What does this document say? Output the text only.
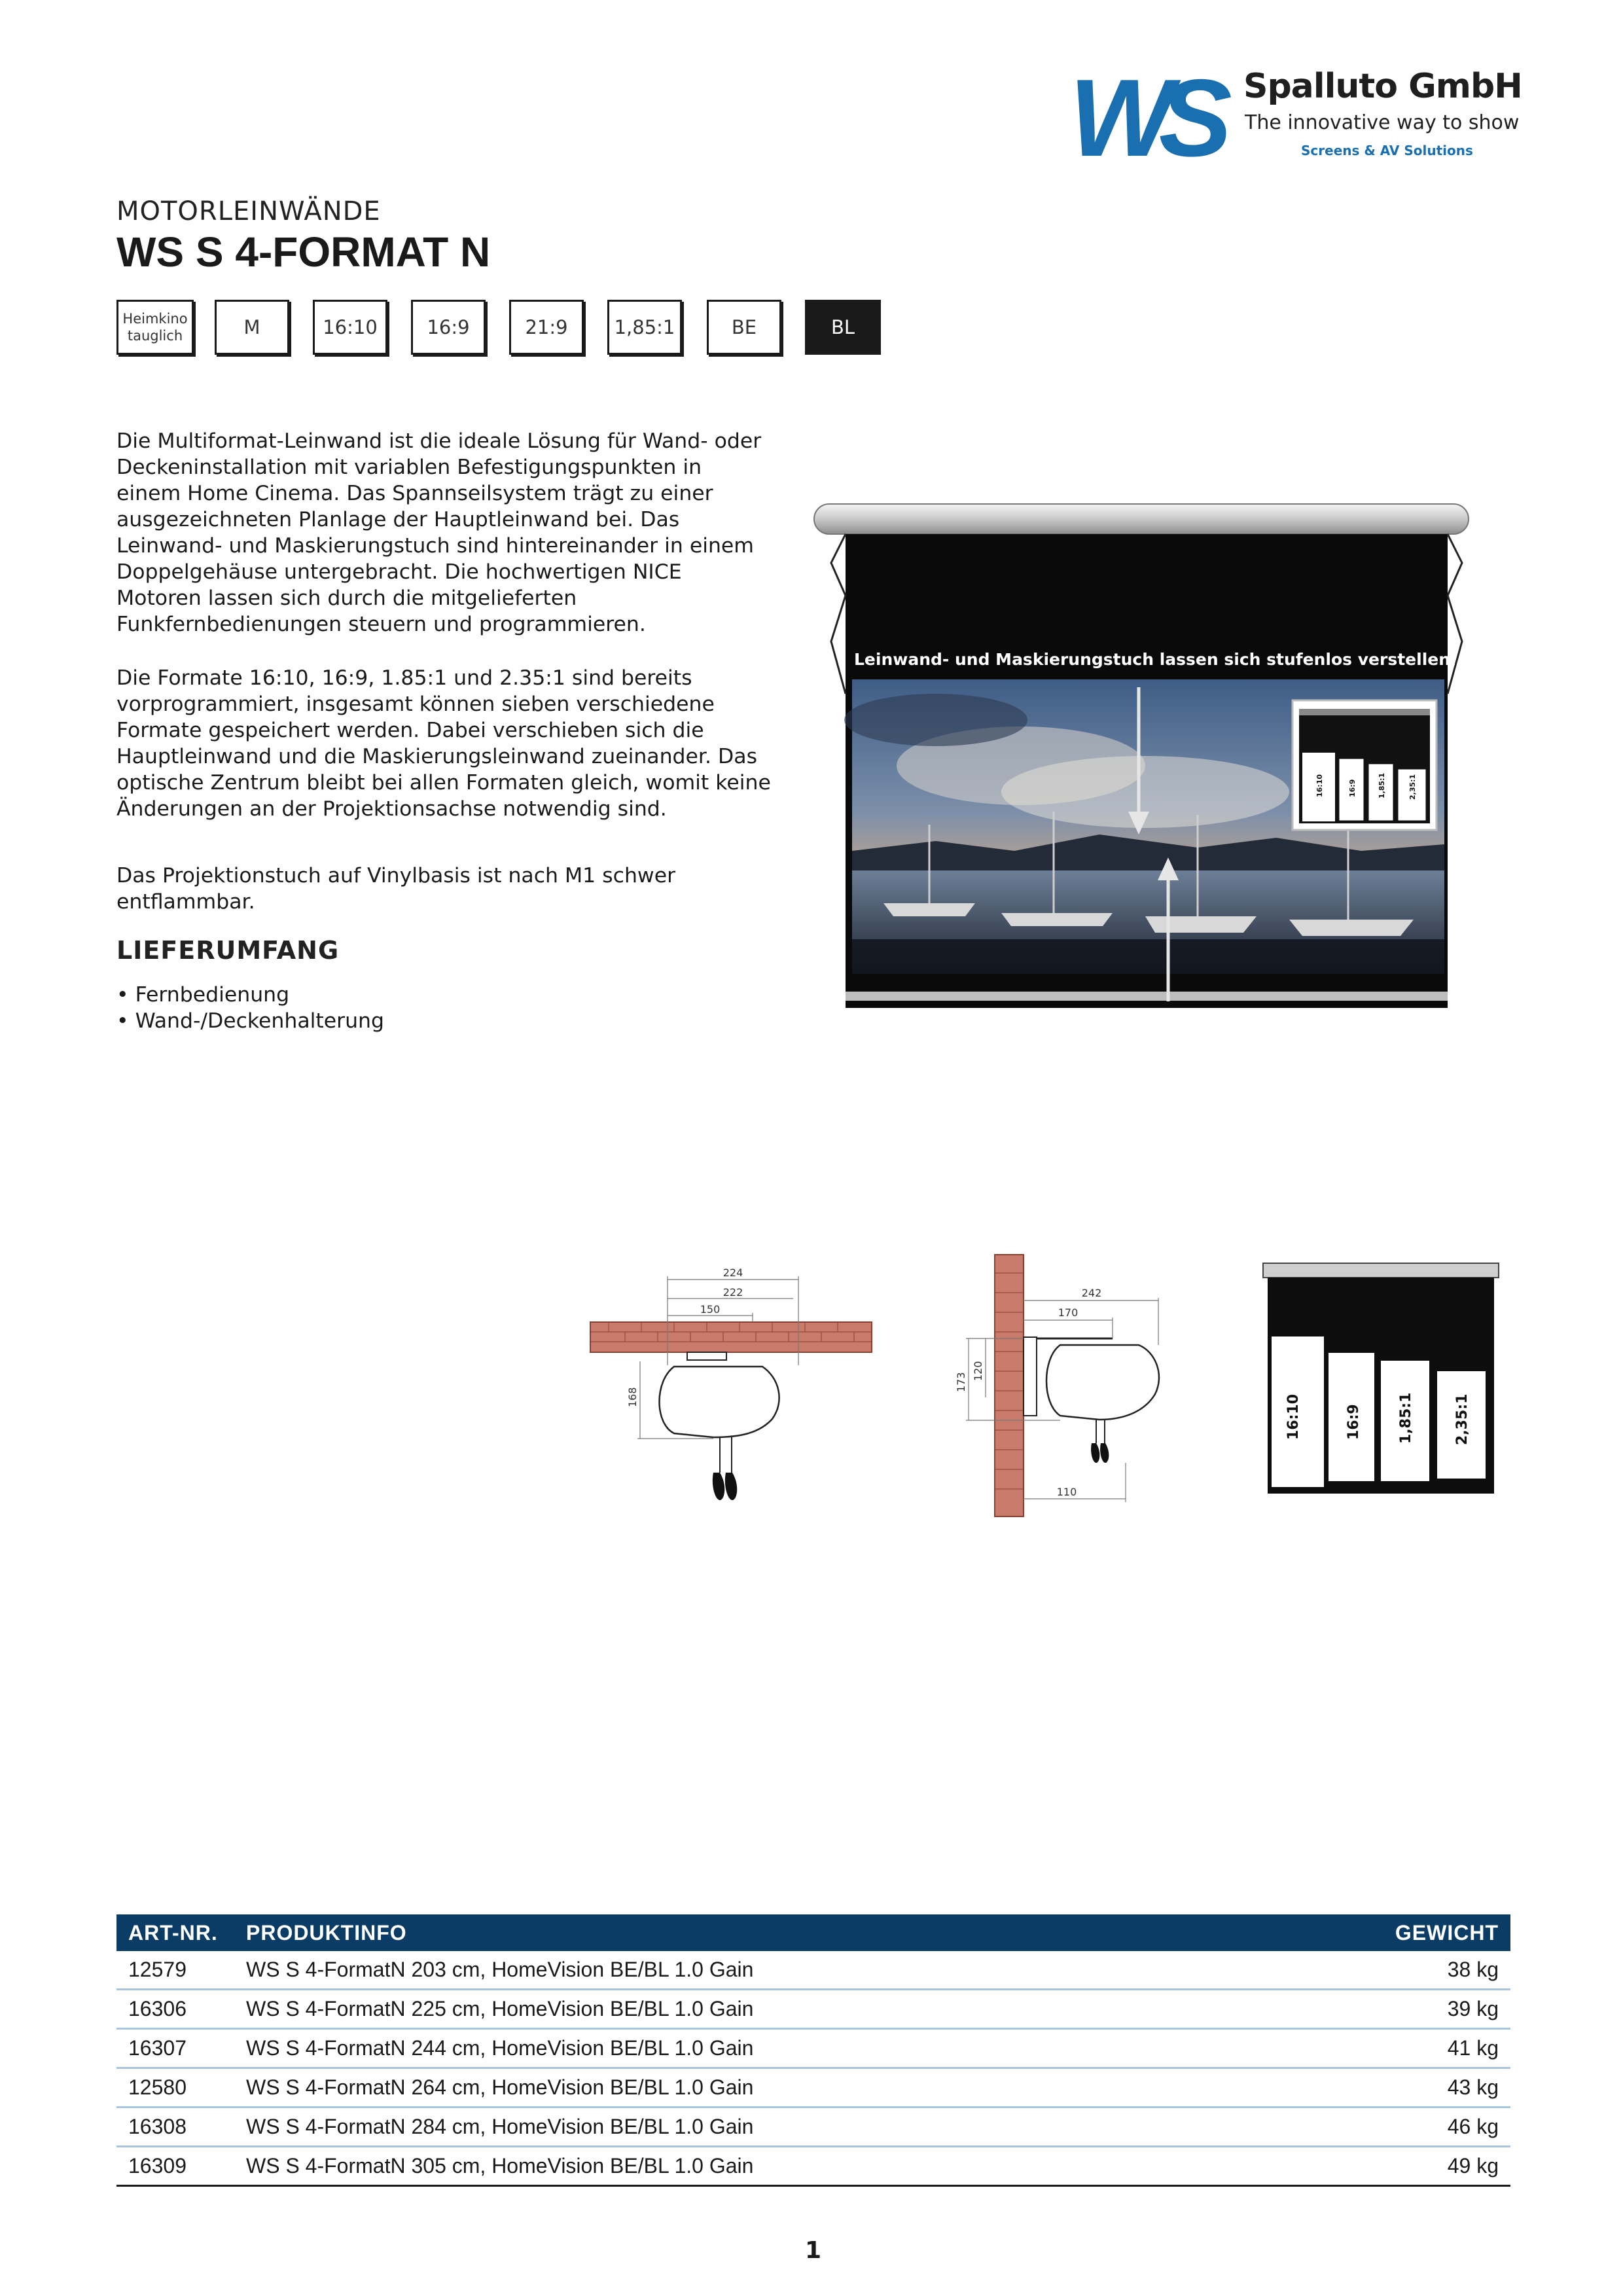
WS Spalluto GmbH
The innovative way to show
Screens & AV Solutions
MOTORLEINWÄNDE
WS S 4-FORMAT N
Heimkino
tauglich	M	16:10	16:9	21:9	1,85:1	BE	BL
Die Multiformat-Leinwand ist die ideale Lösung für Wand- oder Deckeninstallation mit variablen Befestigungspunkten in einem Home Cinema. Das Spannseilsystem trägt zu einer ausgezeichneten Planlage der Hauptleinwand bei. Das Leinwand- und Maskierungstuch sind hintereinander in einem Doppelgehäuse untergebracht. Die hochwertigen NICE Motoren lassen sich durch die mitgelieferten Funkfernbedienungen steuern und programmieren.
Die Formate 16:10, 16:9, 1.85:1 und 2.35:1 sind bereits vorprogrammiert, insgesamt können sieben verschiedene Formate gespeichert werden. Dabei verschieben sich die Hauptleinwand und die Maskierungsleinwand zueinander. Das optische Zentrum bleibt bei allen Formaten gleich, womit keine Änderungen an der Projektionsachse notwendig sind.
Das Projektionstuch auf Vinylbasis ist nach M1 schwer entflammbar.
LIEFERUMFANG
• Fernbedienung
• Wand-/Deckenhalterung
16:10	16:9	1,85:1	2,35:1
Leinwand- und Maskierungstuch lassen sich stufenlos verstellen...
224
222
150
168
242
170
173
120
110
16:10	16:9	1,85:1	2,35:1
ART-NR.	PRODUKTINFO	GEWICHT
12579	WS S 4-FormatN 203 cm, HomeVision BE/BL 1.0 Gain	38 kg
16306	WS S 4-FormatN 225 cm, HomeVision BE/BL 1.0 Gain	39 kg
16307	WS S 4-FormatN 244 cm, HomeVision BE/BL 1.0 Gain	41 kg
12580	WS S 4-FormatN 264 cm, HomeVision BE/BL 1.0 Gain	43 kg
16308	WS S 4-FormatN 284 cm, HomeVision BE/BL 1.0 Gain	46 kg
16309	WS S 4-FormatN 305 cm, HomeVision BE/BL 1.0 Gain	49 kg
1
